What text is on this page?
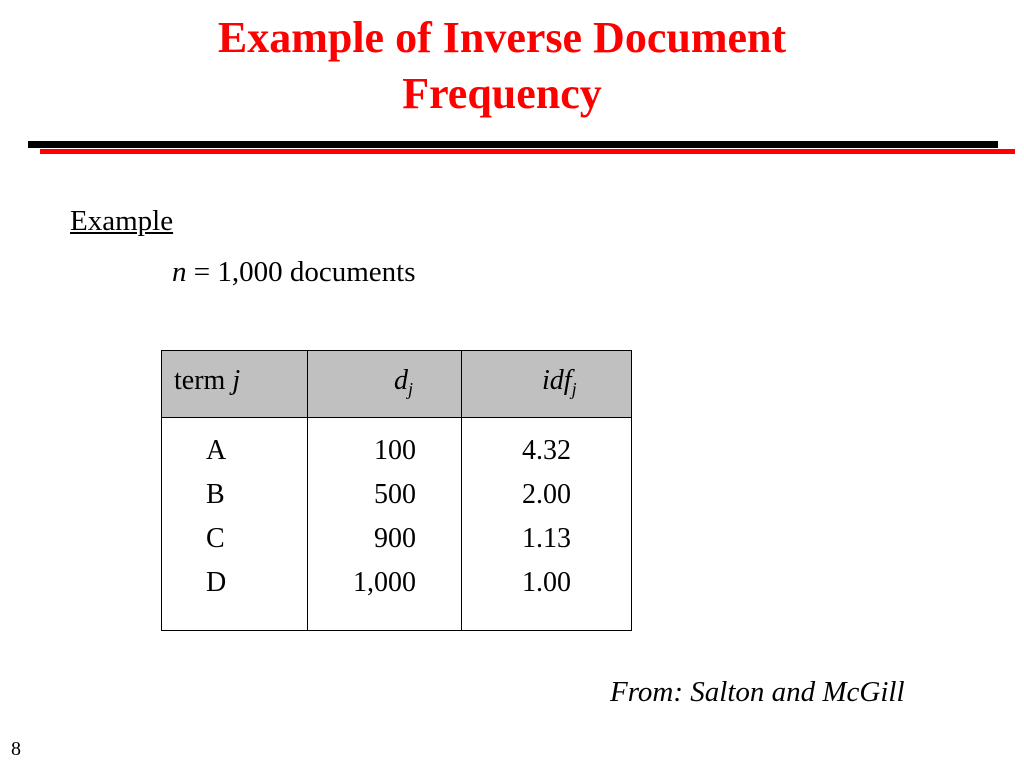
Example of Inverse Document
Frequency
Example
n = 1,000 documents
term j	$d_j$	idf$_j$
A	100	4.32
B	500	2.00
C	900	1.13
D	1,000	1.00
From: Salton and McGill
8
